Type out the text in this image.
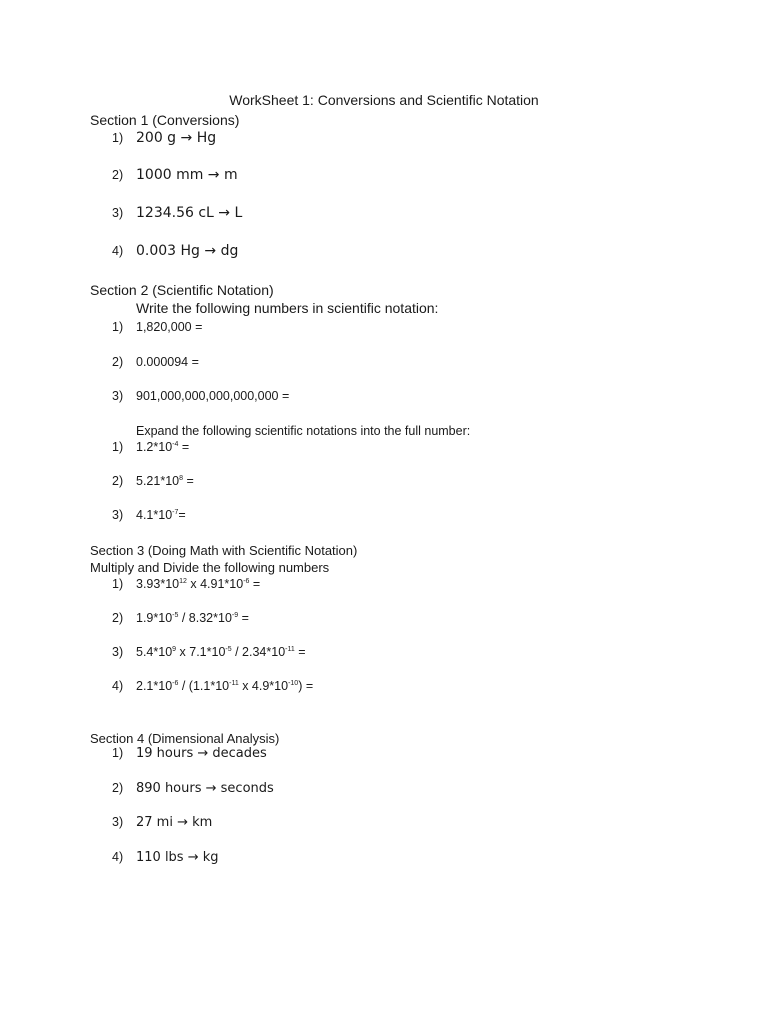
WorkSheet 1: Conversions and Scientific Notation
Section 1 (Conversions)
1) 200 g → Hg
2) 1000 mm → m
3) 1234.56 cL → L
4) 0.003 Hg → dg
Section 2 (Scientific Notation)
Write the following numbers in scientific notation:
1)	1,820,000 =
2)	0.000094 =
3)	901,000,000,000,000,000 =
Expand the following scientific notations into the full number:
1)	$1.2*10^{-4}$ =
2)	$5.21*10^8$ =
3)	$4.1*10^{-7}=$
Section 3 (Doing Math with Scientific Notation)
Multiply and Divide the following numbers
1)	$3.93*10^{12}$ x $4.91*10^{-6}$ =
2)	$1.9*10^{-5} / 8.32*10^{-9}$ =
3)	$5.4*10^9$ x $7.1*10^{-5} / 2.34*10^{-11}$ =
4)	$2.1*10^{-6} / (1.1*10^{-11}$ x $4.9*10^{-10}$) =
Section 4 (Dimensional Analysis)
1) 19 hours → decades
2) 890 hours → seconds
3) 27 mi → km
4) 110 lbs → kg
